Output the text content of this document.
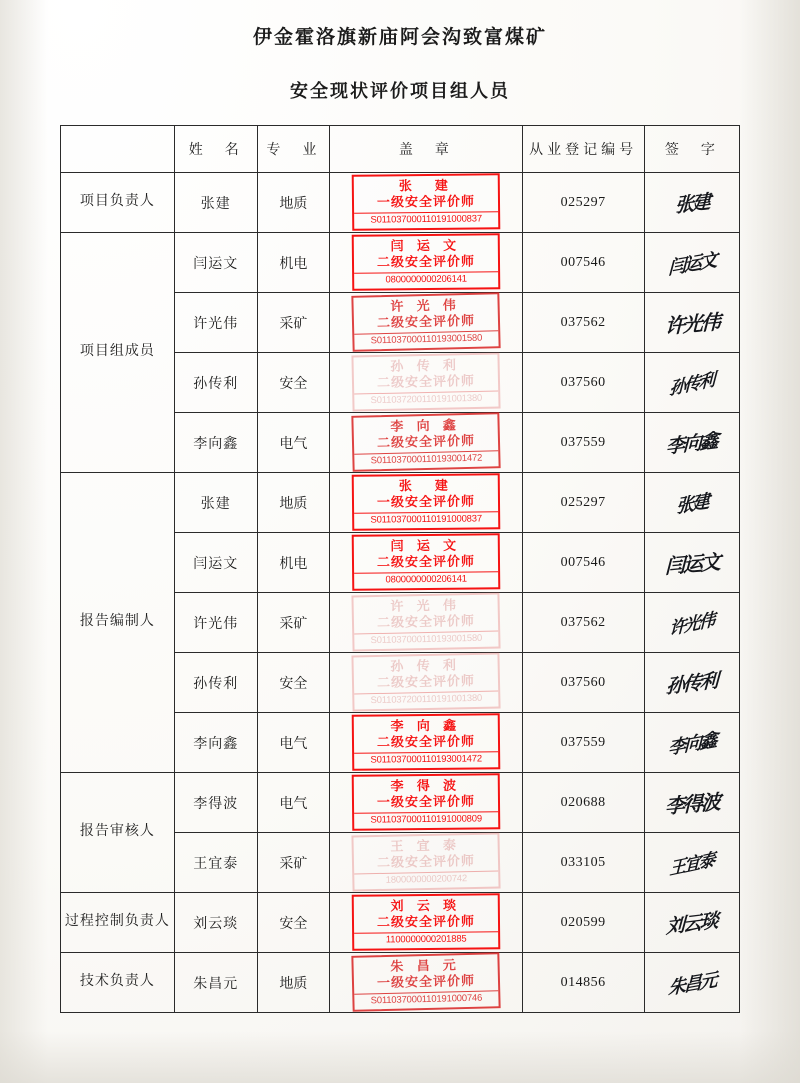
伊金霍洛旗新庙阿会沟致富煤矿
安全现状评价项目组人员
	姓　名	专　业	盖　章	从业登记编号	签　字
项目负责人	张建	地质	张　建
一级安全评价师
S011037000110191000837	025297	张建
项目组成员	闫运文	机电	闫 运 文
二级安全评价师
0800000000206141	007546	闫运文
	许光伟	采矿	许 光 伟
二级安全评价师
S011037000110193001580	037562	许光伟
	孙传利	安全	孙 传 利
二级安全评价师
S011037200110191001380	037560	孙传利
	李向鑫	电气	李 向 鑫
二级安全评价师
S011037000110193001472	037559	李向鑫
报告编制人	张建	地质	张　建
一级安全评价师
S011037000110191000837	025297	张建
	闫运文	机电	闫 运 文
二级安全评价师
0800000000206141	007546	闫运文
	许光伟	采矿	许 光 伟
二级安全评价师
S011037000110193001580	037562	许光伟
	孙传利	安全	孙 传 利
二级安全评价师
S011037200110191001380	037560	孙传利
	李向鑫	电气	李 向 鑫
二级安全评价师
S011037000110193001472	037559	李向鑫
报告审核人	李得波	电气	李 得 波
一级安全评价师
S011037000110191000809	020688	李得波
	王宜泰	采矿	王 宜 泰
二级安全评价师
1800000000200742	033105	王宜泰
过程控制负责人	刘云琰	安全	刘 云 琰
二级安全评价师
1100000000201885	020599	刘云琰
技术负责人	朱昌元	地质	朱 昌 元
一级安全评价师
S011037000110191000746	014856	朱昌元
